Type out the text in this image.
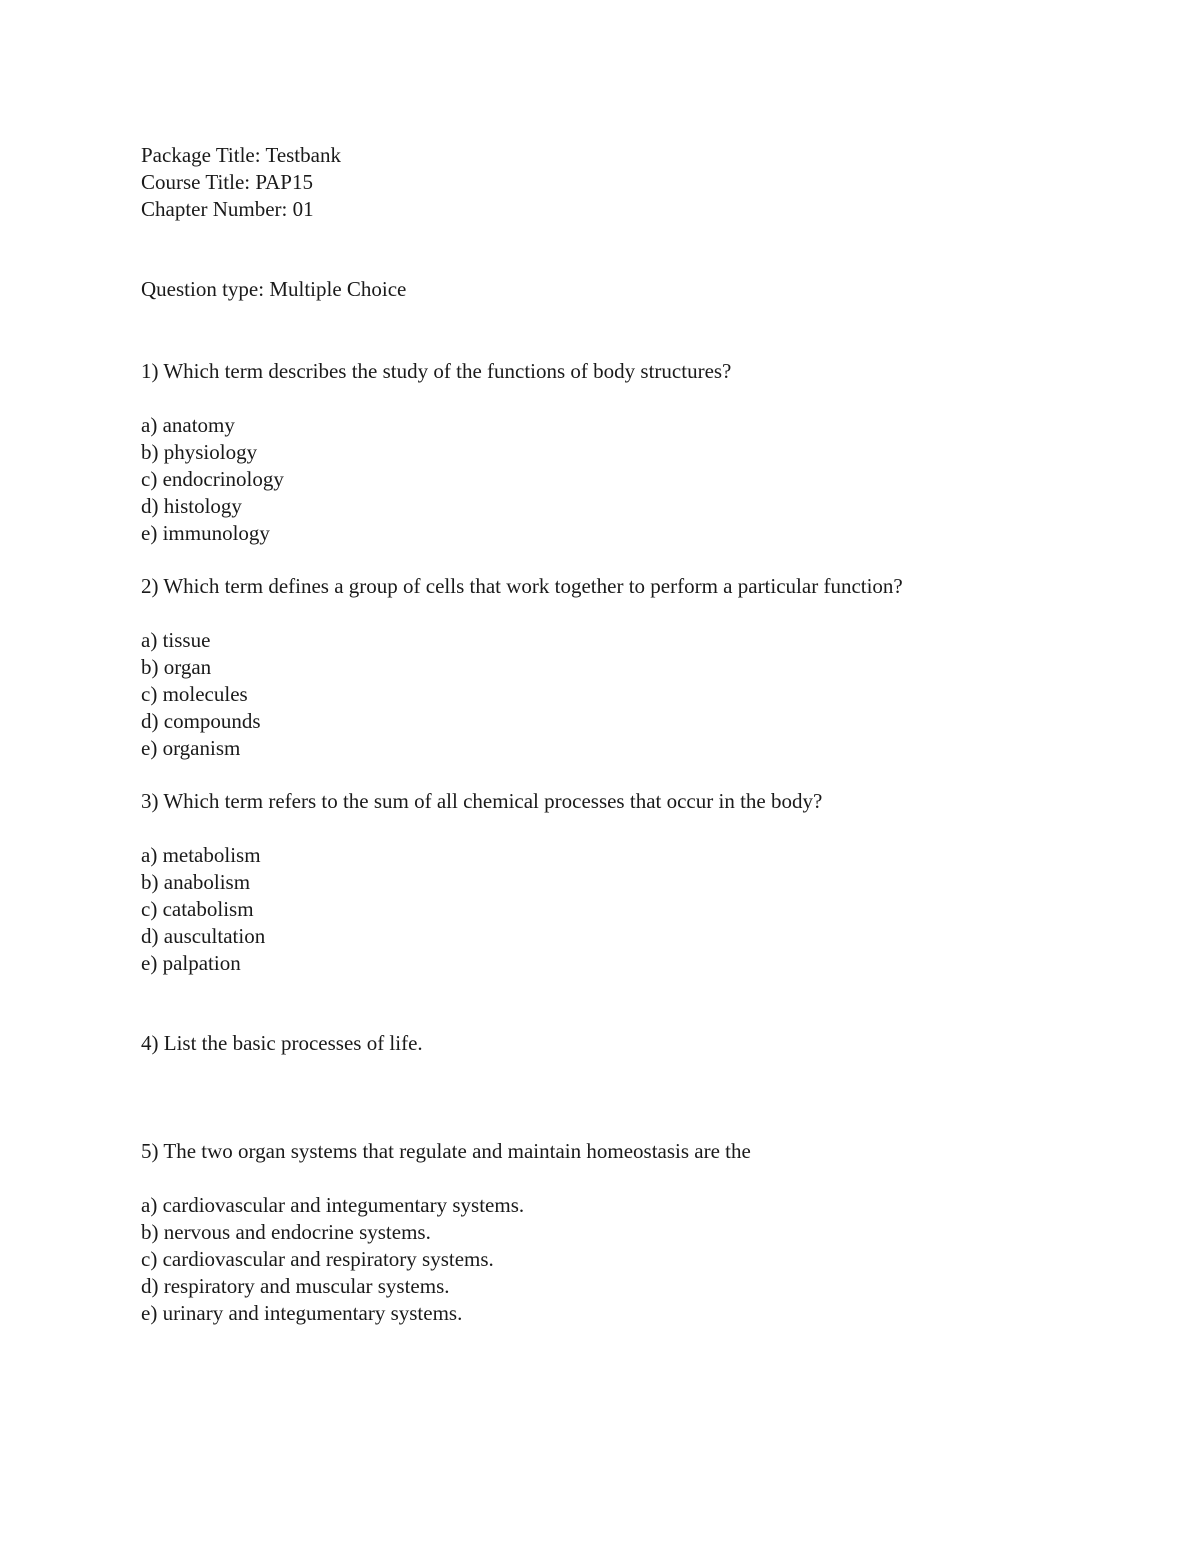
Package Title: Testbank
Course Title: PAP15
Chapter Number: 01
Question type: Multiple Choice
1) Which term describes the study of the functions of body structures?
a) anatomy
b) physiology
c) endocrinology
d) histology
e) immunology
2) Which term defines a group of cells that work together to perform a particular function?
a) tissue
b) organ
c) molecules
d) compounds
e) organism
3) Which term refers to the sum of all chemical processes that occur in the body?
a) metabolism
b) anabolism
c) catabolism
d) auscultation
e) palpation
4) List the basic processes of life.
5) The two organ systems that regulate and maintain homeostasis are the
a) cardiovascular and integumentary systems.
b) nervous and endocrine systems.
c) cardiovascular and respiratory systems.
d) respiratory and muscular systems.
e) urinary and integumentary systems.
